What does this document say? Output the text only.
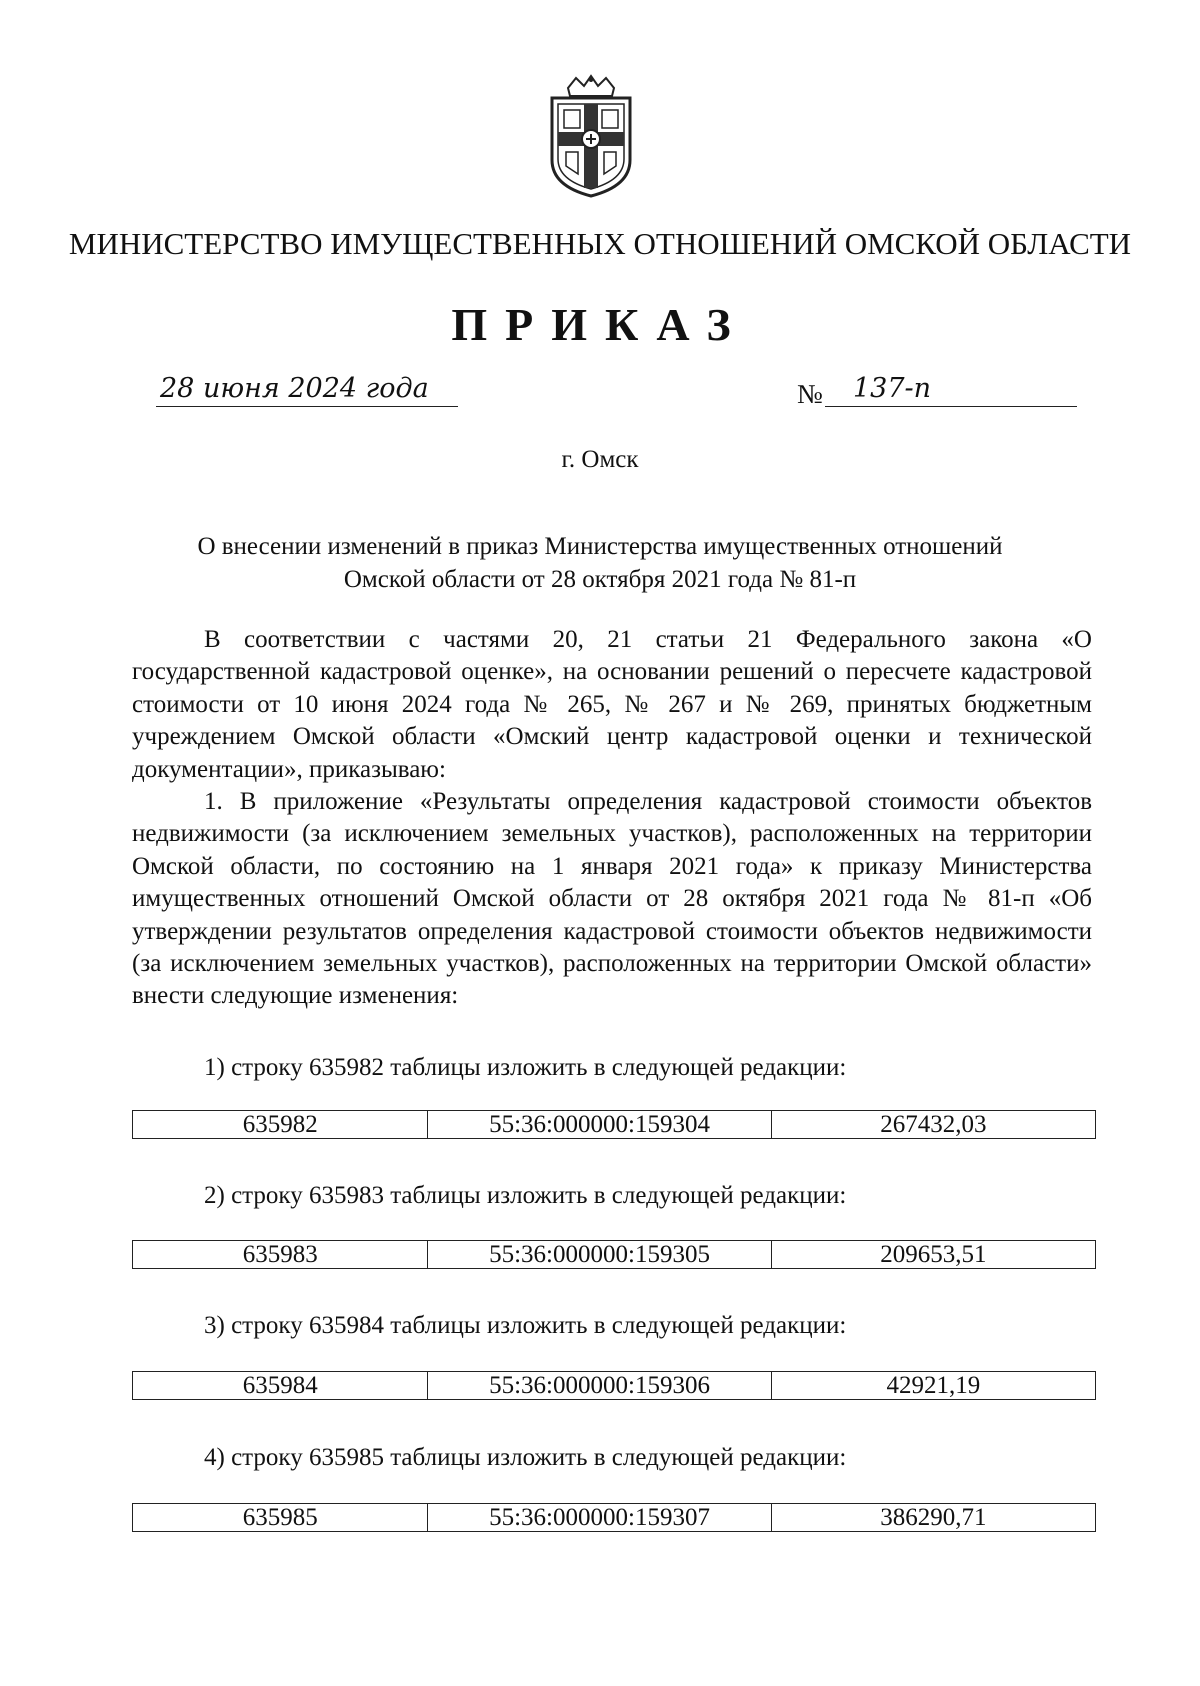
МИНИСТЕРСТВО ИМУЩЕСТВЕННЫХ ОТНОШЕНИЙ ОМСКОЙ ОБЛАСТИ
ПРИКАЗ
28 июня 2024 года	№	137-п
г. Омск
О внесении изменений в приказ Министерства имущественных отношений
Омской области от 28 октября 2021 года № 81-п

В соответствии с частями 20, 21 статьи 21 Федерального закона «О государственной кадастровой оценке», на основании решений о пересчете кадастровой стоимости от 10 июня 2024 года № 265, № 267 и № 269, принятых бюджетным учреждением Омской области «Омский центр кадастровой оценки и технической документации», приказываю:

1. В приложение «Результаты определения кадастровой стоимости объектов недвижимости (за исключением земельных участков), расположенных на территории Омской области, по состоянию на 1 января 2021 года» к приказу Министерства имущественных отношений Омской области от 28 октября 2021 года № 81-п «Об утверждении результатов определения кадастровой стоимости объектов недвижимости (за исключением земельных участков), расположенных на территории Омской области» внести следующие изменения:

1) строку 635982 таблицы изложить в следующей редакции:
635982	55:36:000000:159304	267432,03
2) строку 635983 таблицы изложить в следующей редакции:
635983	55:36:000000:159305	209653,51
3) строку 635984 таблицы изложить в следующей редакции:
635984	55:36:000000:159306	42921,19
4) строку 635985 таблицы изложить в следующей редакции:
635985	55:36:000000:159307	386290,71
